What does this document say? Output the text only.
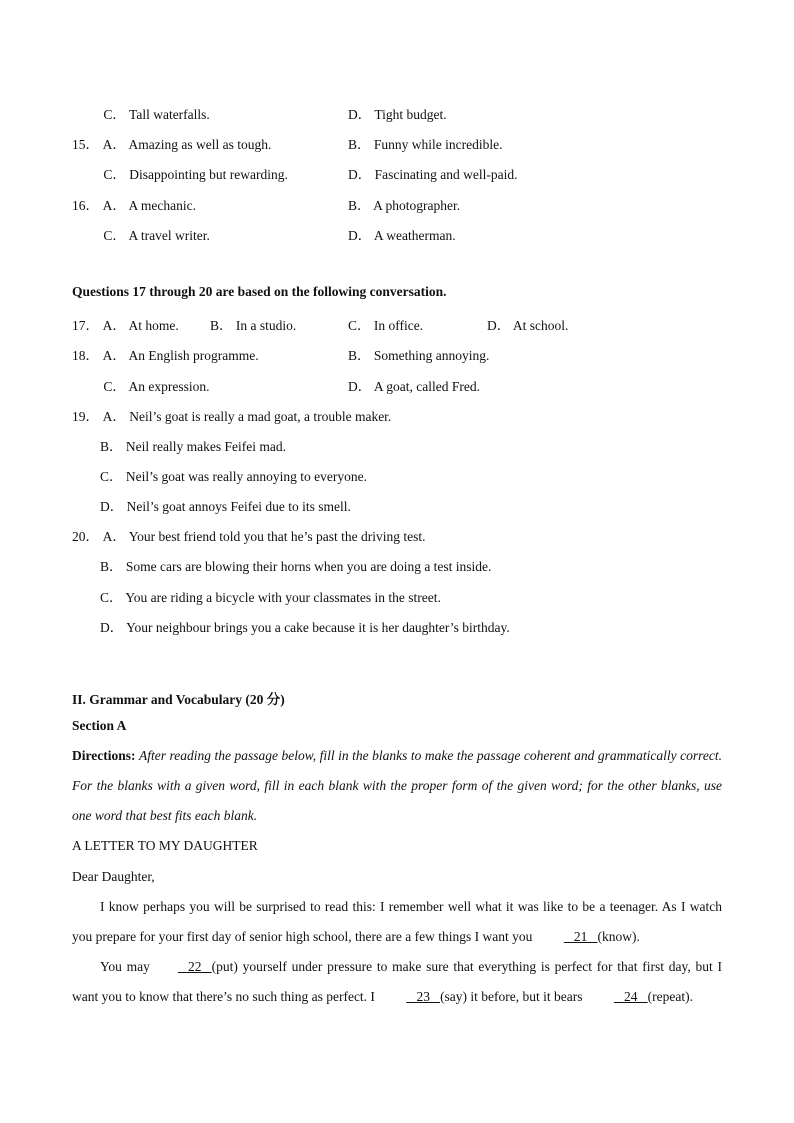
C． Tall waterfalls.	D． Tight budget.
15． A． Amazing as well as tough.	B． Funny while incredible.
C． Disappointing but rewarding.	D． Fascinating and well-paid.
16． A． A mechanic.	B． A photographer.
C． A travel writer.	D． A weatherman.
Questions 17 through 20 are based on the following conversation.
17． A． At home. B． In a studio.	C． In office.	D． At school.
18． A． An English programme.	B． Something annoying.
C． An expression.	D． A goat, called Fred.
19． A． Neil’s goat is really a mad goat, a trouble maker.
B． Neil really makes Feifei mad.
C． Neil’s goat was really annoying to everyone.
D． Neil’s goat annoys Feifei due to its smell.
20． A． Your best friend told you that he’s past the driving test.
B． Some cars are blowing their horns when you are doing a test inside.
C． You are riding a bicycle with your classmates in the street.
D． Your neighbour brings you a cake because it is her daughter’s birthday.
II. Grammar and Vocabulary (20 分)
Section A
Directions: After reading the passage below, fill in the blanks to make the passage coherent and grammatically correct. For the blanks with a given word, fill in each blank with the proper form of the given word; for the other blanks, use one word that best fits each blank.
A LETTER TO MY DAUGHTER
Dear Daughter,
I know perhaps you will be surprised to read this: I remember well what it was like to be a teenager. As I watch you prepare for your first day of senior high school, there are a few things I want you	21 (know).
You may	22 (put) yourself under pressure to make sure that everything is perfect for that first day, but I want you to know that there’s no such thing as perfect. I	23 (say) it before, but it bears	24 (repeat).
